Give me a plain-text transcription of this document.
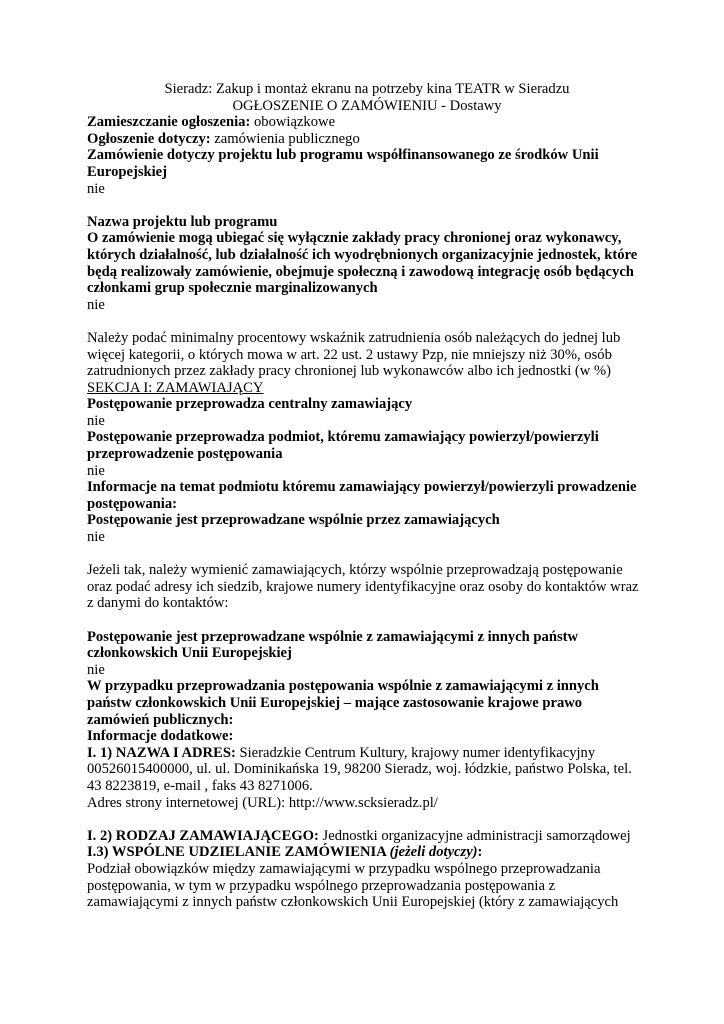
Sieradz: Zakup i montaż ekranu na potrzeby kina TEATR w Sieradzu

OGŁOSZENIE O ZAMÓWIENIU - Dostawy

Zamieszczanie ogłoszenia: obowiązkowe

Ogłoszenie dotyczy: zamówienia publicznego

Zamówienie dotyczy projektu lub programu współfinansowanego ze środków Unii Europejskiej

nie

Nazwa projektu lub programu

O zamówienie mogą ubiegać się wyłącznie zakłady pracy chronionej oraz wykonawcy, których działalność, lub działalność ich wyodrębnionych organizacyjnie jednostek, które będą realizowały zamówienie, obejmuje społeczną i zawodową integrację osób będących członkami grup społecznie marginalizowanych

nie

Należy podać minimalny procentowy wskaźnik zatrudnienia osób należących do jednej lub więcej kategorii, o których mowa w art. 22 ust. 2 ustawy Pzp, nie mniejszy niż 30%, osób zatrudnionych przez zakłady pracy chronionej lub wykonawców albo ich jednostki (w %)

SEKCJA I: ZAMAWIAJĄCY

Postępowanie przeprowadza centralny zamawiający

nie

Postępowanie przeprowadza podmiot, któremu zamawiający powierzył/powierzyli przeprowadzenie postępowania

nie

Informacje na temat podmiotu któremu zamawiający powierzył/powierzyli prowadzenie postępowania:

Postępowanie jest przeprowadzane wspólnie przez zamawiających

nie

Jeżeli tak, należy wymienić zamawiających, którzy wspólnie przeprowadzają postępowanie oraz podać adresy ich siedzib, krajowe numery identyfikacyjne oraz osoby do kontaktów wraz z danymi do kontaktów:

Postępowanie jest przeprowadzane wspólnie z zamawiającymi z innych państw członkowskich Unii Europejskiej

nie

W przypadku przeprowadzania postępowania wspólnie z zamawiającymi z innych państw członkowskich Unii Europejskiej – mające zastosowanie krajowe prawo zamówień publicznych:

Informacje dodatkowe:

I. 1) NAZWA I ADRES: Sieradzkie Centrum Kultury, krajowy numer identyfikacyjny 00526015400000, ul. ul. Dominikańska 19, 98200 Sieradz, woj. łódzkie, państwo Polska, tel. 43 8223819, e-mail , faks 43 8271006.

Adres strony internetowej (URL): http://www.scksieradz.pl/

I. 2) RODZAJ ZAMAWIAJĄCEGO: Jednostki organizacyjne administracji samorządowej

I.3) WSPÓLNE UDZIELANIE ZAMÓWIENIA (jeżeli dotyczy):

Podział obowiązków między zamawiającymi w przypadku wspólnego przeprowadzania postępowania, w tym w przypadku wspólnego przeprowadzania postępowania z zamawiającymi z innych państw członkowskich Unii Europejskiej (który z zamawiających
